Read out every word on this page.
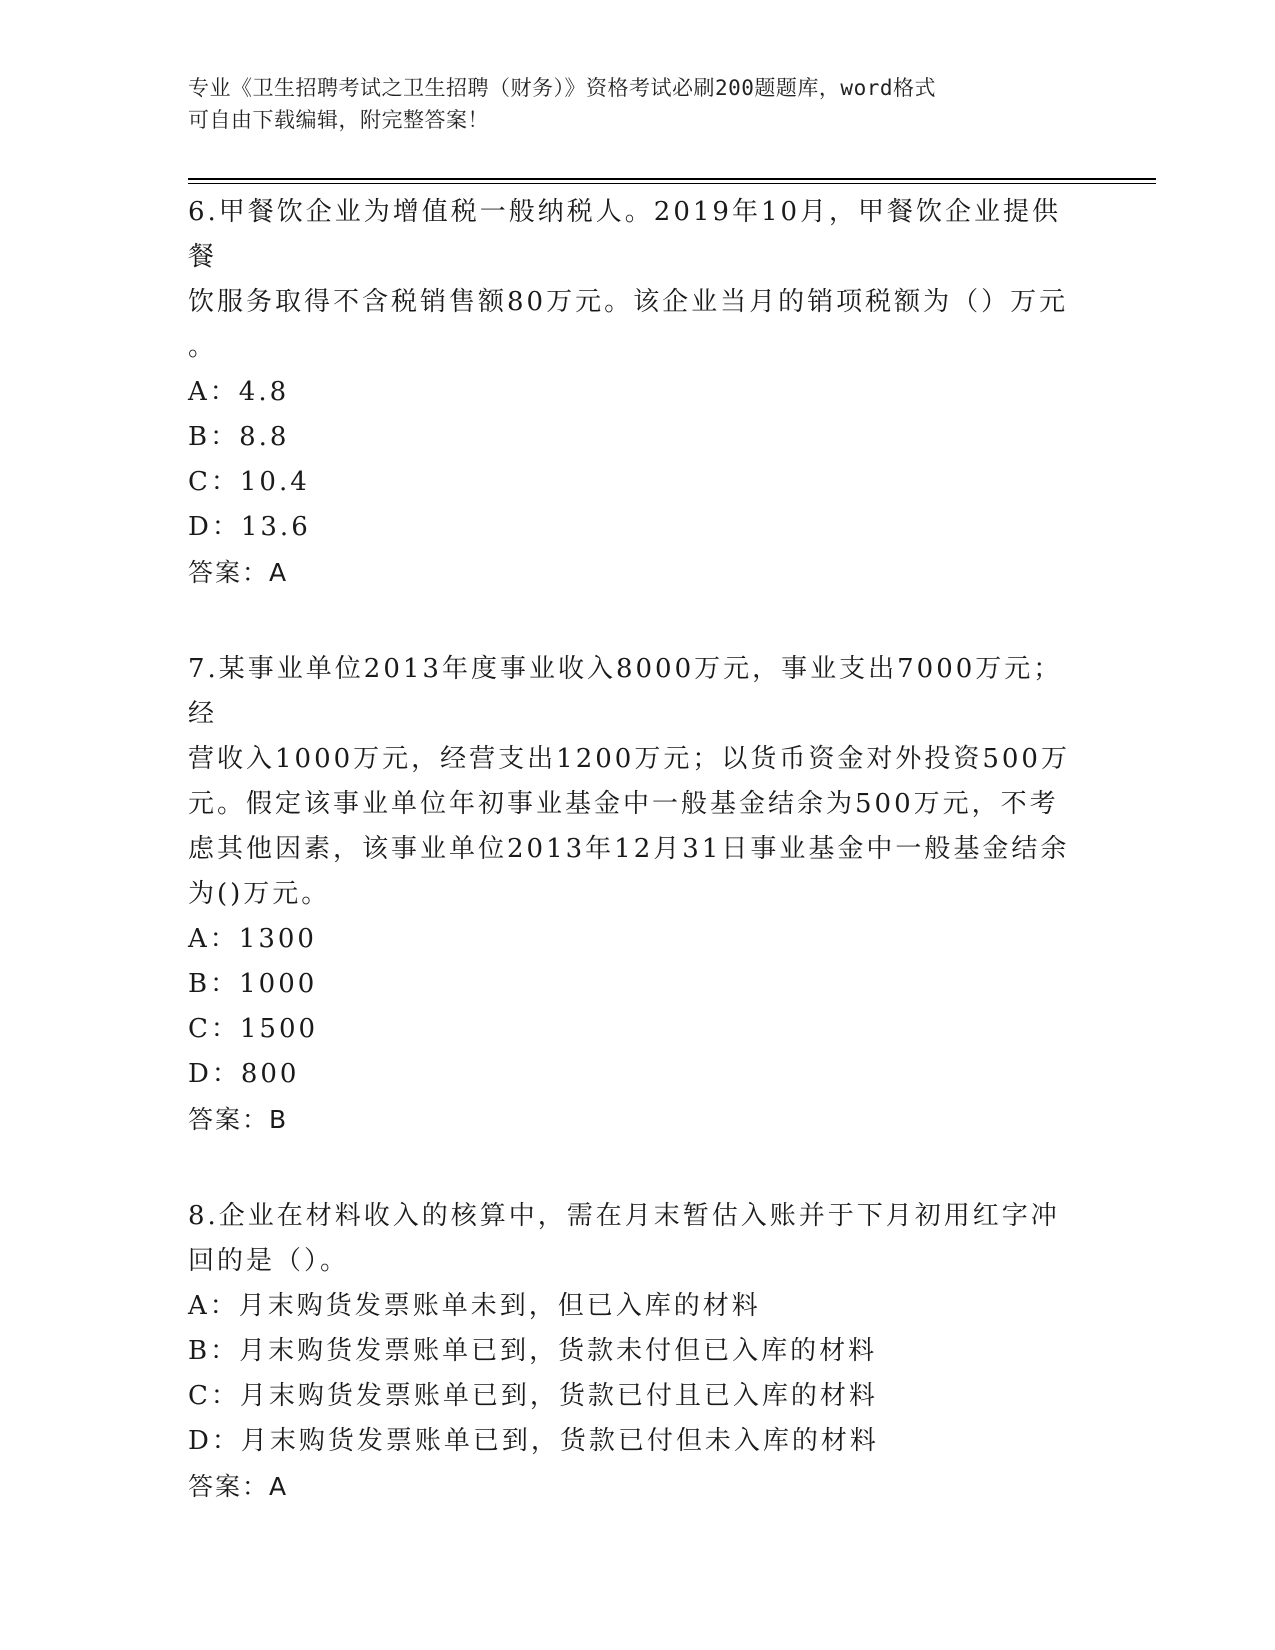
专业《卫生招聘考试之卫生招聘（财务）》资格考试必刷200题题库，word格式
可自由下载编辑，附完整答案！

6.甲餐饮企业为增值税一般纳税人。2019年10月，甲餐饮企业提供餐

饮服务取得不含税销售额80万元。该企业当月的销项税额为（）万元

。

A：4.8

B：8.8

C：10.4

D：13.6

答案：A

7.某事业单位2013年度事业收入8000万元，事业支出7000万元；经

营收入1000万元，经营支出1200万元；以货币资金对外投资500万

元。假定该事业单位年初事业基金中一般基金结余为500万元，不考

虑其他因素，该事业单位2013年12月31日事业基金中一般基金结余

为()万元。

A：1300

B：1000

C：1500

D：800

答案：B

8.企业在材料收入的核算中，需在月末暂估入账并于下月初用红字冲

回的是（）。

A：月末购货发票账单未到，但已入库的材料

B：月末购货发票账单已到，货款未付但已入库的材料

C：月末购货发票账单已到，货款已付且已入库的材料

D：月末购货发票账单已到，货款已付但未入库的材料

答案：A
